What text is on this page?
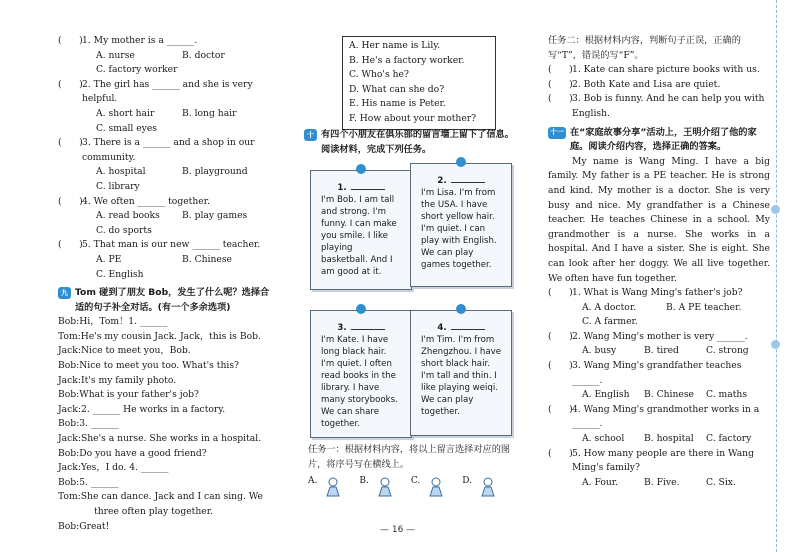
(      ) 1. My mother is a ______.
A. nurse	B. doctor
C. factory worker
(      ) 2. The girl has ______ and she is very helpful.
A. short hair	B. long hair
C. small eyes
(      ) 3. There is a ______ and a shop in our community.
A. hospital	B. playground
C. library
(      ) 4. We often ______ together.
A. read books	B. play games
C. do sports
(      ) 5. That man is our new ______ teacher.
A. PE	B. Chinese
C. English
九 Tom 碰到了朋友 Bob，发生了什么呢？选择合适的句子补全对话。(有一个多余选项)
Bob: Hi，Tom！1. ______
Tom: He's my cousin Jack. Jack，this is Bob.
Jack: Nice to meet you，Bob.
Bob: Nice to meet you too. What's this?
Jack: It's my family photo.
Bob: What is your father's job?
Jack: 2. ______ He works in a factory.
Bob: 3. ______
Jack: She's a nurse. She works in a hospital.
Bob: Do you have a good friend?
Jack: Yes，I do. 4. ______
Bob: 5. ______
Tom: She can dance. Jack and I can sing. We
three often play together.
Bob: Great!
A. Her name is Lily.
B. He's a factory worker.
C. Who's he?
D. What can she do?
E. His name is Peter.
F. How about your mother?
十 有四个小朋友在俱乐部的留言墙上留下了信息。阅读材料，完成下列任务。
1.
I'm Bob. I am tall and strong. I'm funny. I can make you smile. I like playing basketball. And I am good at it.
2.
I'm Lisa. I'm from the USA. I have short yellow hair. I'm quiet. I can play with English. We can play games together.
3.
I'm Kate. I have long black hair. I'm quiet. I often read books in the library. I have many storybooks. We can share together.
4.
I'm Tim. I'm from Zhengzhou. I have short black hair. I'm tall and thin. I like playing weiqi. We can play together.
任务一：根据材料内容，将以上留言选择对应的图片，将序号写在横线上。
A.	B.	C.	D.
— 16 —
任务二：根据材料内容，判断句子正误，正确的写“T”，错误的写“F”。
(      ) 1. Kate can share picture books with us.
(      ) 2. Both Kate and Lisa are quiet.
(      ) 3. Bob is funny. And he can help you with English.
十一 在“家庭故事分享”活动上，王明介绍了他的家庭。阅读介绍内容，选择正确的答案。
My name is Wang Ming. I have a big family. My father is a PE teacher. He is strong and kind. My mother is a doctor. She is very busy and nice. My grandfather is a Chinese teacher. He teaches Chinese in a school. My grandmother is a nurse. She works in a hospital. And I have a sister. She is eight. She can look after her doggy. We all live together. We often have fun together.
(      ) 1. What is Wang Ming's father's job?
A. A doctor.	B. A PE teacher.
C. A farmer.
(      ) 2. Wang Ming's mother is very ______.
A. busy	B. tired	C. strong
(      ) 3. Wang Ming's grandfather teaches ______.
A. English	B. Chinese	C. maths
(      ) 4. Wang Ming's grandmother works in a ______.
A. school	B. hospital	C. factory
(      ) 5. How many people are there in Wang Ming's family?
A. Four.	B. Five.	C. Six.
